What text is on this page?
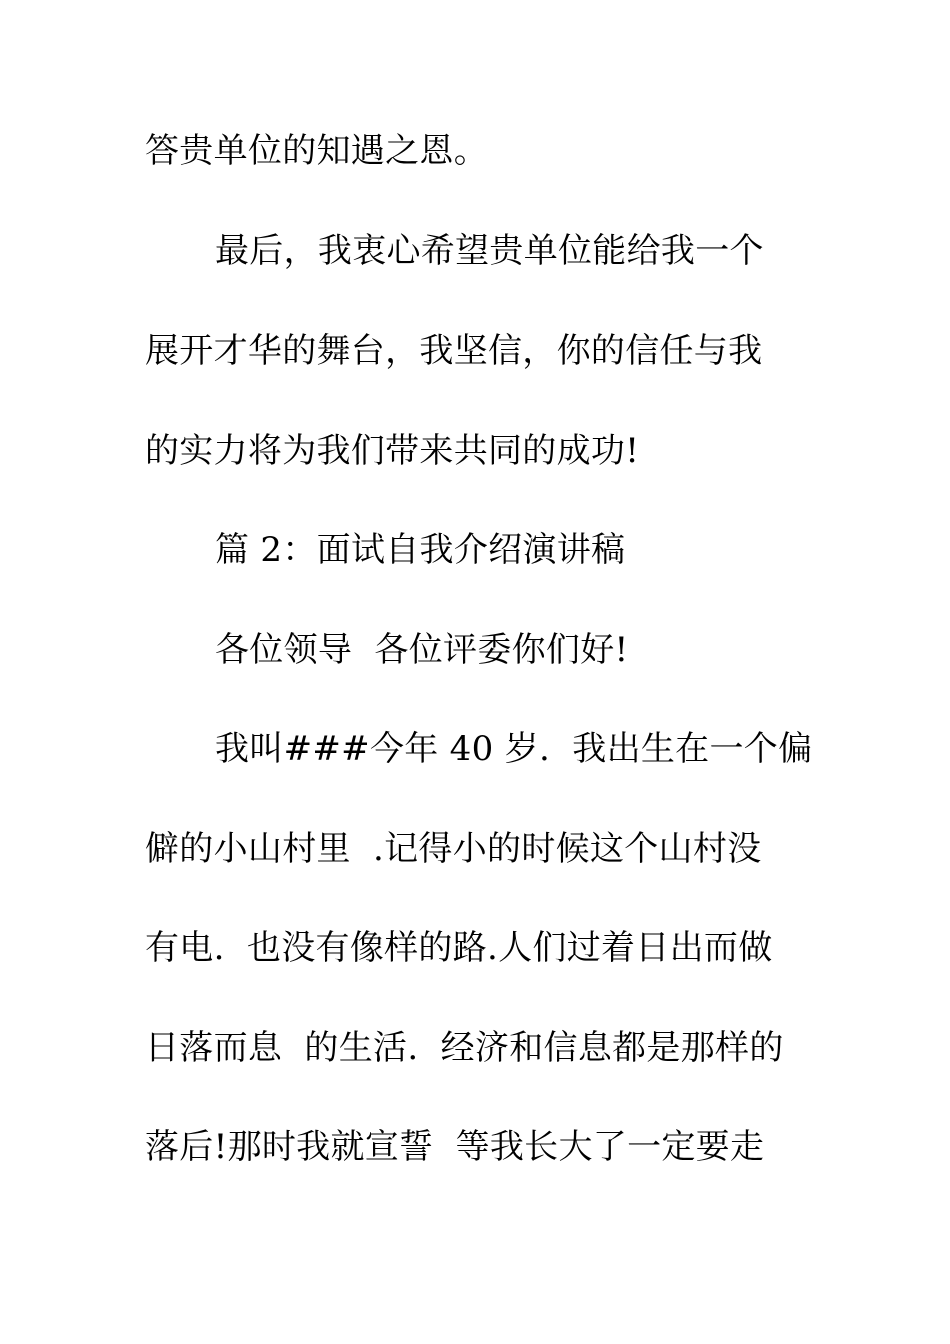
答贵单位的知遇之恩。
最后，我衷心希望贵单位能给我一个
展开才华的舞台，我坚信，你的信任与我
的实力将为我们带来共同的成功!
篇 2：面试自我介绍演讲稿
各位领导  各位评委你们好!
我叫###今年 40 岁.  我出生在一个偏
僻的小山村里  .记得小的时候这个山村没
有电.  也没有像样的路.人们过着日出而做
日落而息  的生活.  经济和信息都是那样的
落后!那时我就宣誓  等我长大了一定要走
